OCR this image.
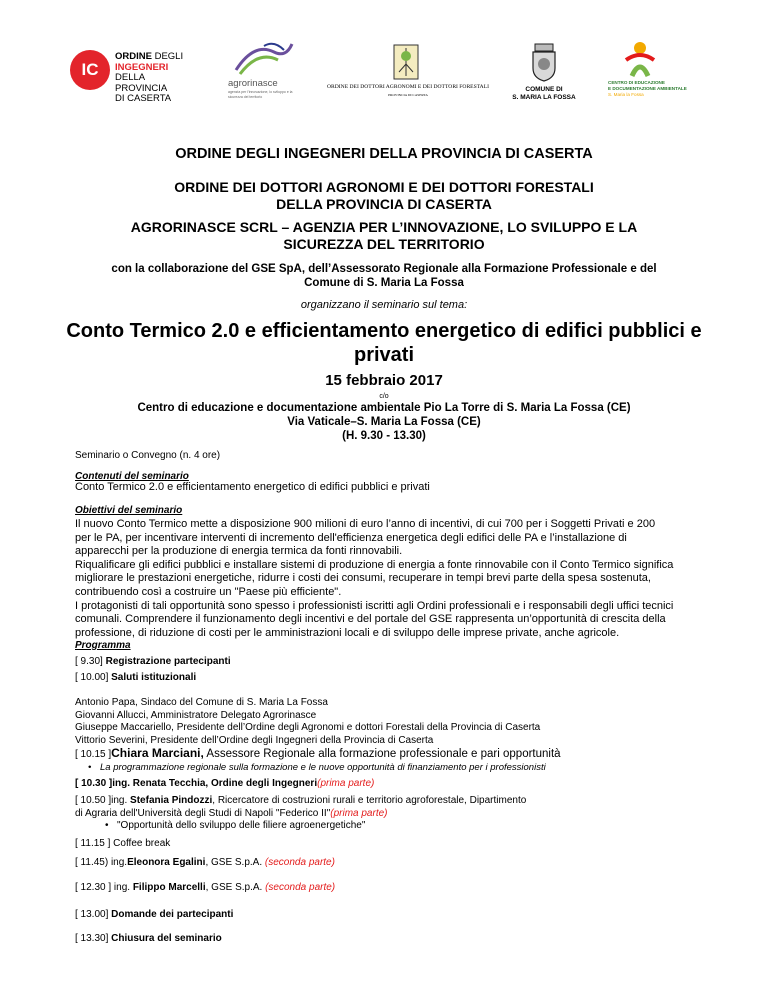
IC
ORDINE DEGLI
INGEGNERI
DELLA PROVINCIA
DI CASERTA
agrorinasce
agenzia per l'innovazione, lo sviluppo e la sicurezza del territorio
ORDINE DEI DOTTORI AGRONOMI E DEI DOTTORI FORESTALI
PROVINCIA DI CASERTA
COMUNE DI
S. MARIA LA FOSSA
CENTRO DI EDUCAZIONE
E DOCUMENTAZIONE AMBIENTALE
S. Maria la Fossa
ORDINE DEGLI INGEGNERI DELLA PROVINCIA DI CASERTA
ORDINE DEI DOTTORI AGRONOMI E DEI DOTTORI FORESTALI
DELLA PROVINCIA DI CASERTA
AGRORINASCE SCRL – AGENZIA PER L’INNOVAZIONE, LO SVILUPPO E LA
SICUREZZA DEL TERRITORIO
con la collaborazione del GSE SpA, dell’Assessorato Regionale alla Formazione Professionale e del
Comune di S. Maria La Fossa
organizzano il seminario sul tema:
Conto Termico 2.0 e efficientamento energetico di edifici pubblici e
privati
15 febbraio 2017
c/o
Centro di educazione e documentazione ambientale Pio La Torre di S. Maria La Fossa (CE)
Via Vaticale–S. Maria La Fossa (CE)
(H. 9.30 - 13.30)
Seminario o Convegno (n. 4 ore)
Contenuti del seminario
Conto Termico 2.0 e efficientamento energetico di edifici pubblici e privati
Obiettivi del seminario
Il nuovo Conto Termico mette a disposizione 900 milioni di euro l’anno di incentivi, di cui 700 per i Soggetti Privati e 200
per le PA, per incentivare interventi di incremento dell'efficienza energetica degli edifici delle PA e l’installazione di
apparecchi per la produzione di energia termica da fonti rinnovabili.
Riqualificare gli edifici pubblici e installare sistemi di produzione di energia a fonte rinnovabile con il Conto Termico significa
migliorare le prestazioni energetiche, ridurre i costi dei consumi, recuperare in tempi brevi parte della spesa sostenuta,
contribuendo così a costruire un "Paese più efficiente".
I protagonisti di tali opportunità sono spesso i professionisti iscritti agli Ordini professionali e i responsabili degli uffici tecnici
comunali. Comprendere il funzionamento degli incentivi e del portale del GSE rappresenta un’opportunità di crescita della
professione, di riduzione di costi per le amministrazioni locali e di sviluppo delle imprese private, anche agricole.
Programma
[ 9.30] Registrazione partecipanti
[ 10.00] Saluti istituzionali
Antonio Papa, Sindaco del Comune di S. Maria La Fossa
Giovanni Allucci, Amministratore Delegato Agrorinasce
Giuseppe Maccariello, Presidente dell’Ordine degli Agronomi e dottori Forestali della Provincia di Caserta
Vittorio Severini, Presidente dell’Ordine degli Ingegneri della Provincia di Caserta
[ 10.15 ]Chiara Marciani, Assessore Regionale alla formazione professionale e pari opportunità
• La programmazione regionale sulla formazione e le nuove opportunità di finanziamento per i professionisti
[ 10.30 ]ing. Renata Tecchia, Ordine degli Ingegneri(prima parte)
[ 10.50 ]ing. Stefania Pindozzi, Ricercatore di costruzioni rurali e territorio agroforestale, Dipartimento
di Agraria dell'Università degli Studi di Napoli "Federico II"(prima parte)
• "Opportunità dello sviluppo delle filiere agroenergetiche"
[ 11.15 ] Coffee break
[ 11.45) ing.Eleonora Egalini, GSE S.p.A. (seconda parte)
[ 12.30 ] ing. Filippo Marcelli, GSE S.p.A. (seconda parte)
[ 13.00] Domande dei partecipanti
[ 13.30] Chiusura del seminario
